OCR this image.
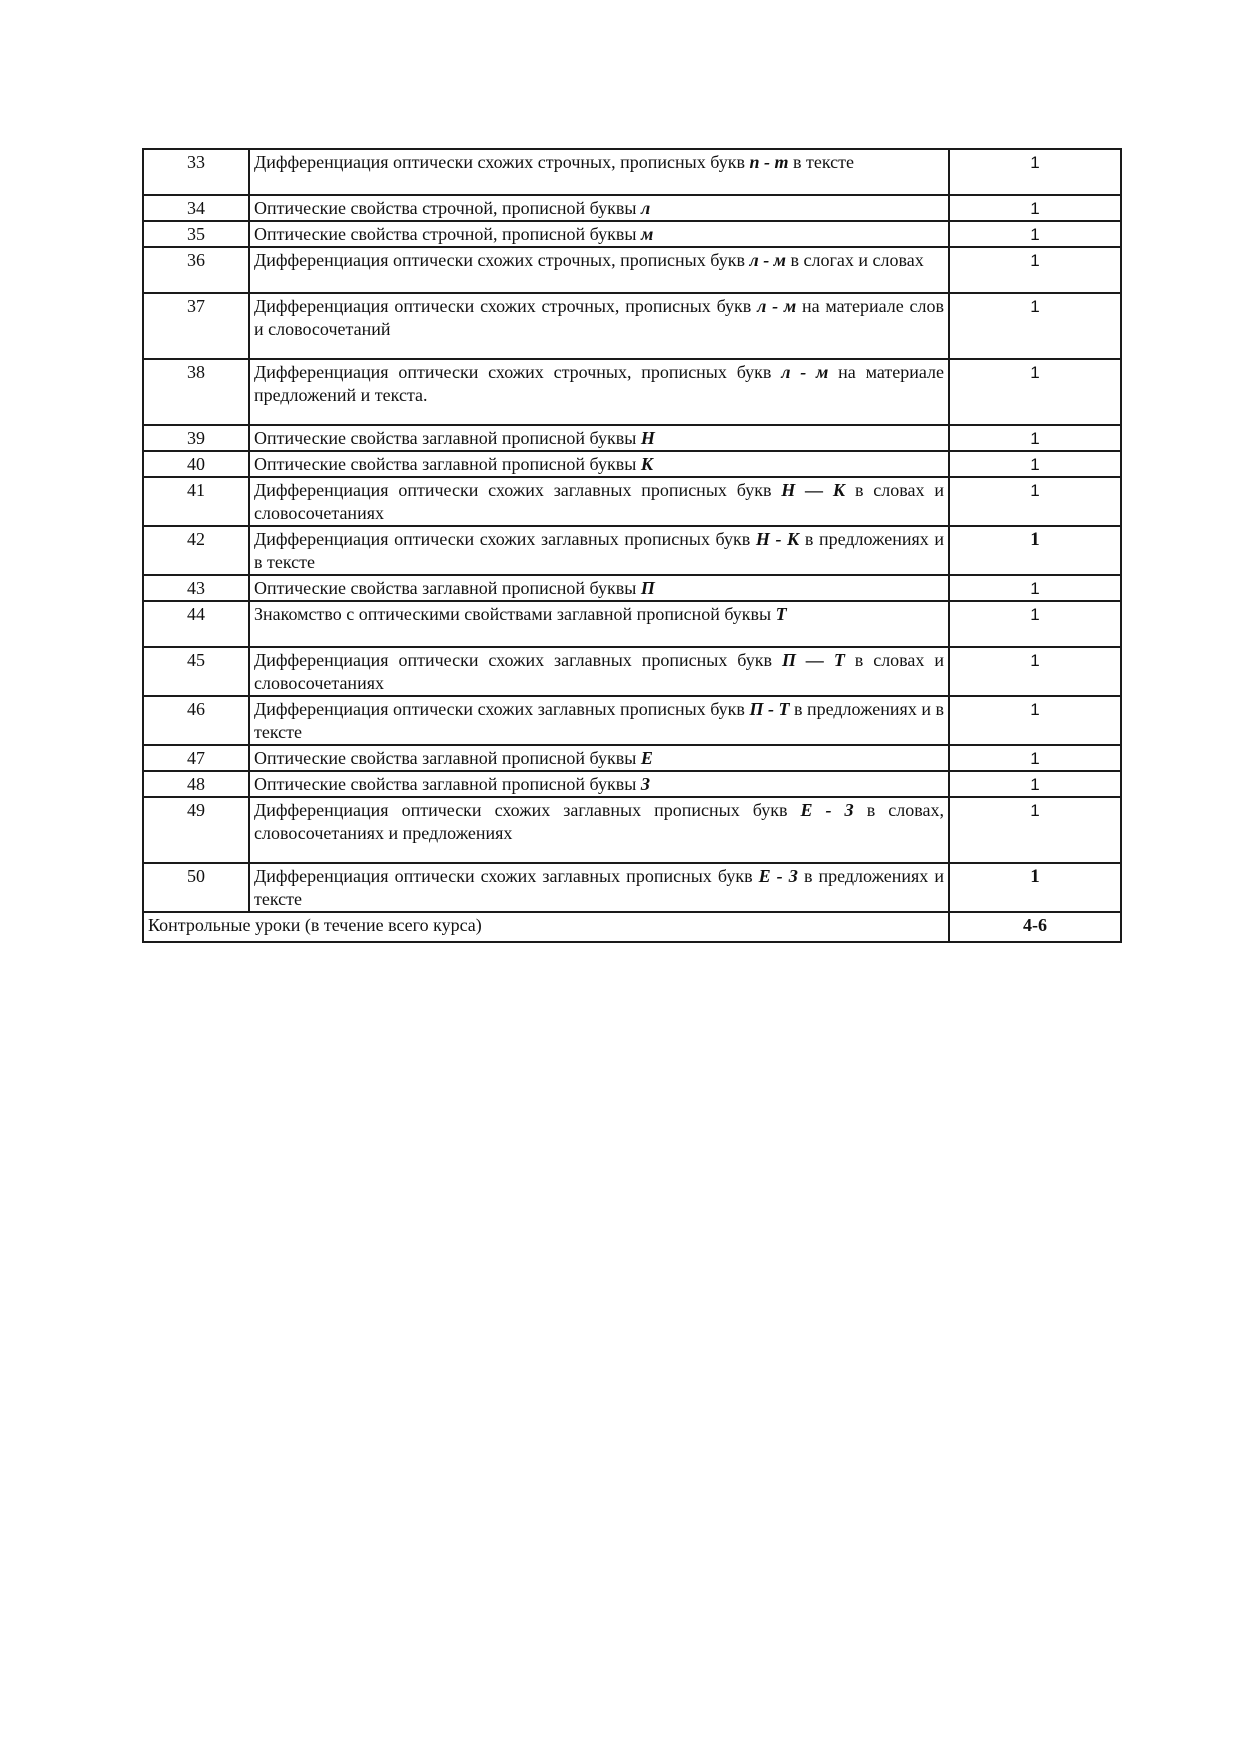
33	Дифференциация оптически схожих строчных, прописных букв п - т в тексте	1
34	Оптические свойства строчной, прописной буквы л	1
35	Оптические свойства строчной, прописной буквы м	1
36	Дифференциация оптически схожих строчных, прописных букв л - м в слогах и словах	1
37	Дифференциация оптически схожих строчных, прописных букв л - м на материале слов и словосочетаний	1
38	Дифференциация оптически схожих строчных, прописных букв л - м на материале предложений и текста.	1
39	Оптические свойства заглавной прописной буквы Н	1
40	Оптические свойства заглавной прописной буквы К	1
41	Дифференциация оптически схожих заглавных прописных букв Н — К в словах и словосочетаниях	1
42	Дифференциация оптически схожих заглавных прописных букв Н - К в предложениях и в тексте	1
43	Оптические свойства заглавной прописной буквы П	1
44	Знакомство с оптическими свойствами заглавной прописной буквы Т	1
45	Дифференциация оптически схожих заглавных прописных букв П — Т в словах и словосочетаниях	1
46	Дифференциация оптически схожих заглавных прописных букв П - Т в предложениях и в тексте	1
47	Оптические свойства заглавной прописной буквы Е	1
48	Оптические свойства заглавной прописной буквы З	1
49	Дифференциация оптически схожих заглавных прописных букв Е - З в словах, словосочетаниях и предложениях	1
50	Дифференциация оптически схожих заглавных прописных букв Е - З в предложениях и тексте	1
Контрольные уроки (в течение всего курса)		4-6
